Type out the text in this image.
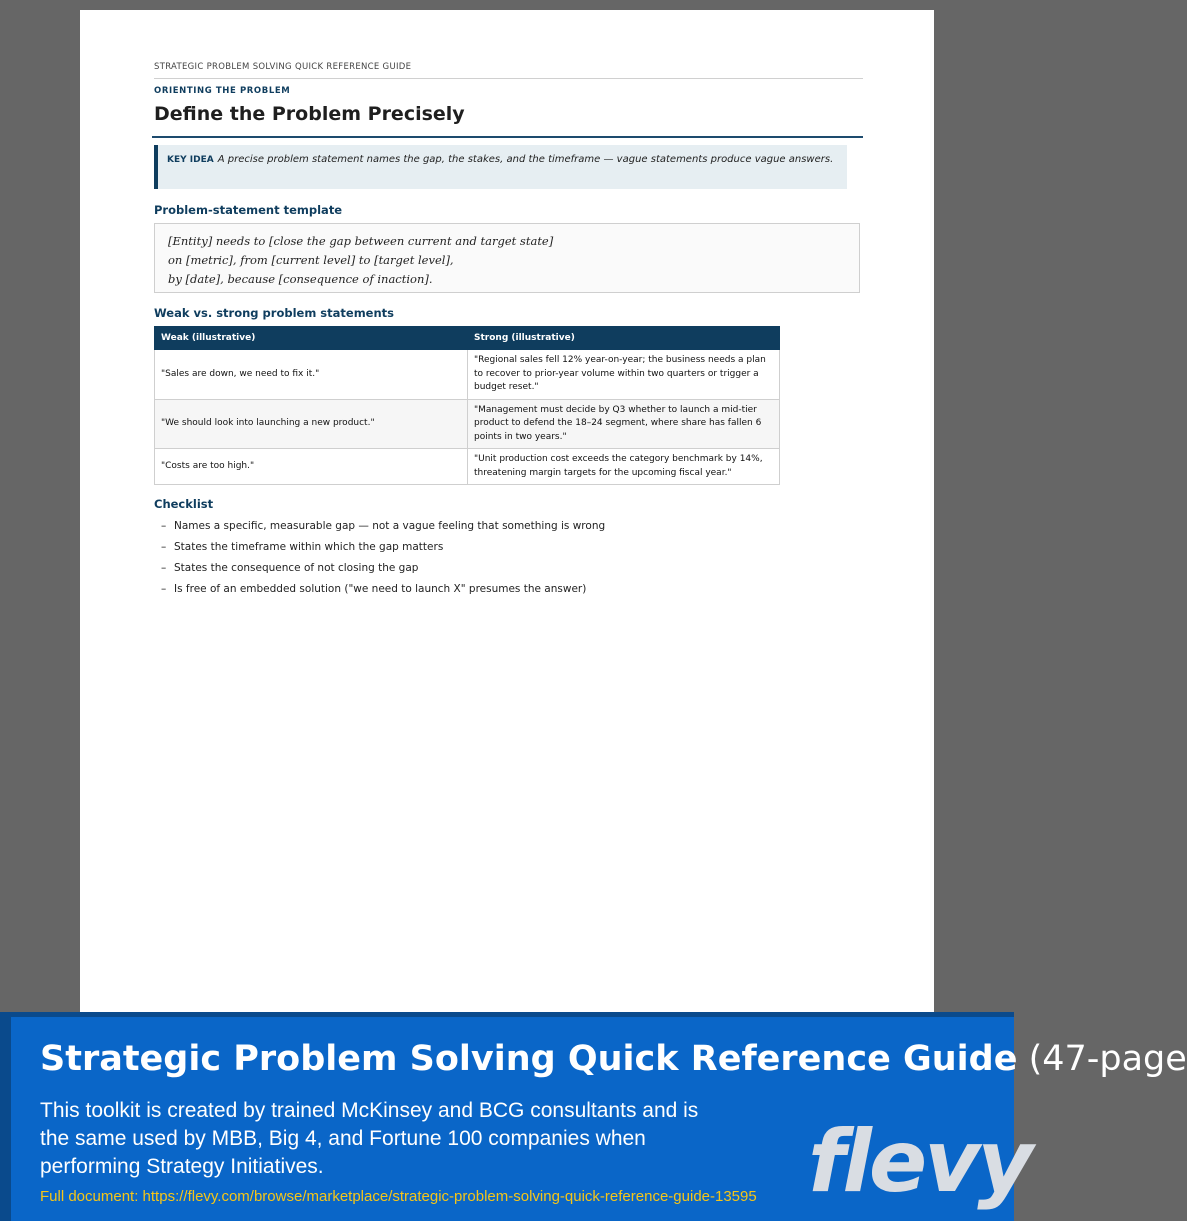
STRATEGIC PROBLEM SOLVING QUICK REFERENCE GUIDE
ORIENTING THE PROBLEM
Define the Problem Precisely
KEY IDEA A precise problem statement names the gap, the stakes, and the timeframe — vague statements produce vague answers.
Problem-statement template
[Entity] needs to [close the gap between current and target state]
on [metric], from [current level] to [target level],
by [date], because [consequence of inaction].
Weak vs. strong problem statements
Weak (illustrative)	Strong (illustrative)
"Sales are down, we need to fix it."	"Regional sales fell 12% year-on-year; the business needs a plan to recover to prior-year volume within two quarters or trigger a budget reset."
"We should look into launching a new product."	"Management must decide by Q3 whether to launch a mid-tier product to defend the 18–24 segment, where share has fallen 6 points in two years."
"Costs are too high."	"Unit production cost exceeds the category benchmark by 14%, threatening margin targets for the upcoming fiscal year."
Checklist
– Names a specific, measurable gap — not a vague feeling that something is wrong
– States the timeframe within which the gap matters
– States the consequence of not closing the gap
– Is free of an embedded solution ("we need to launch X" presumes the answer)
Strategic Problem Solving Quick Reference Guide (47-page
This toolkit is created by trained McKinsey and BCG consultants and is the same used by MBB, Big 4, and Fortune 100 companies when performing Strategy Initiatives.
Full document: https://flevy.com/browse/marketplace/strategic-problem-solving-quick-reference-guide-13595 flevy
